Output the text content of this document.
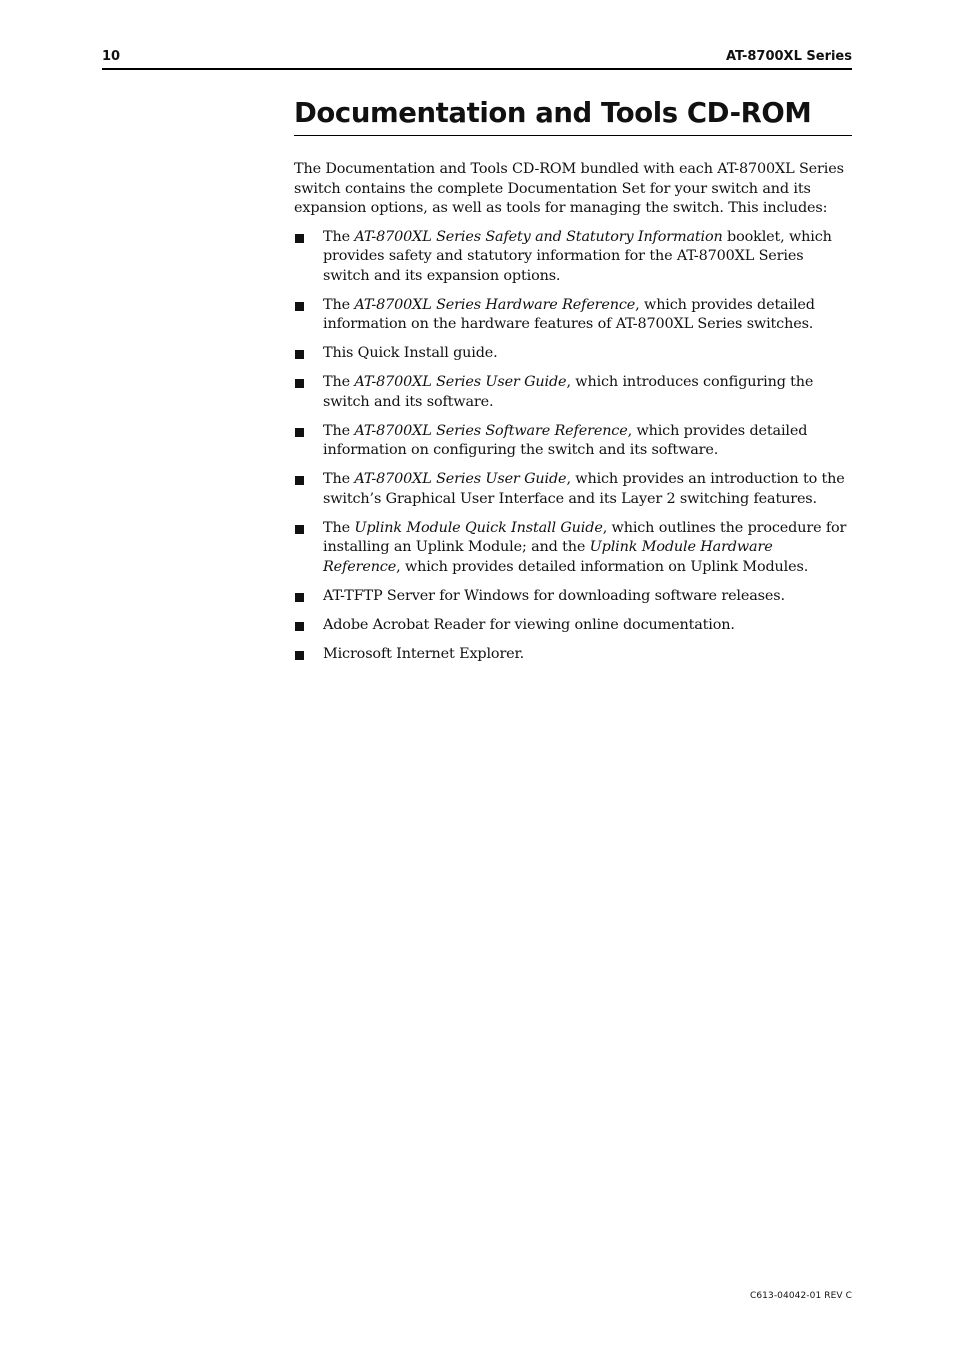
10	AT-8700XL Series
Documentation and Tools CD-ROM

The Documentation and Tools CD-ROM bundled with each AT-8700XL Series switch contains the complete Documentation Set for your switch and its expansion options, as well as tools for managing the switch. This includes:

The AT-8700XL Series Safety and Statutory Information booklet, which provides safety and statutory information for the AT-8700XL Series switch and its expansion options.
The AT-8700XL Series Hardware Reference, which provides detailed information on the hardware features of AT-8700XL Series switches.
This Quick Install guide.
The AT-8700XL Series User Guide, which introduces configuring the switch and its software.
The AT-8700XL Series Software Reference, which provides detailed information on configuring the switch and its software.
The AT-8700XL Series User Guide, which provides an introduction to the switch’s Graphical User Interface and its Layer 2 switching features.
The Uplink Module Quick Install Guide, which outlines the procedure for installing an Uplink Module; and the Uplink Module Hardware Reference, which provides detailed information on Uplink Modules.
AT-TFTP Server for Windows for downloading software releases.
Adobe Acrobat Reader for viewing online documentation.
Microsoft Internet Explorer.
C613-04042-01 REV C
